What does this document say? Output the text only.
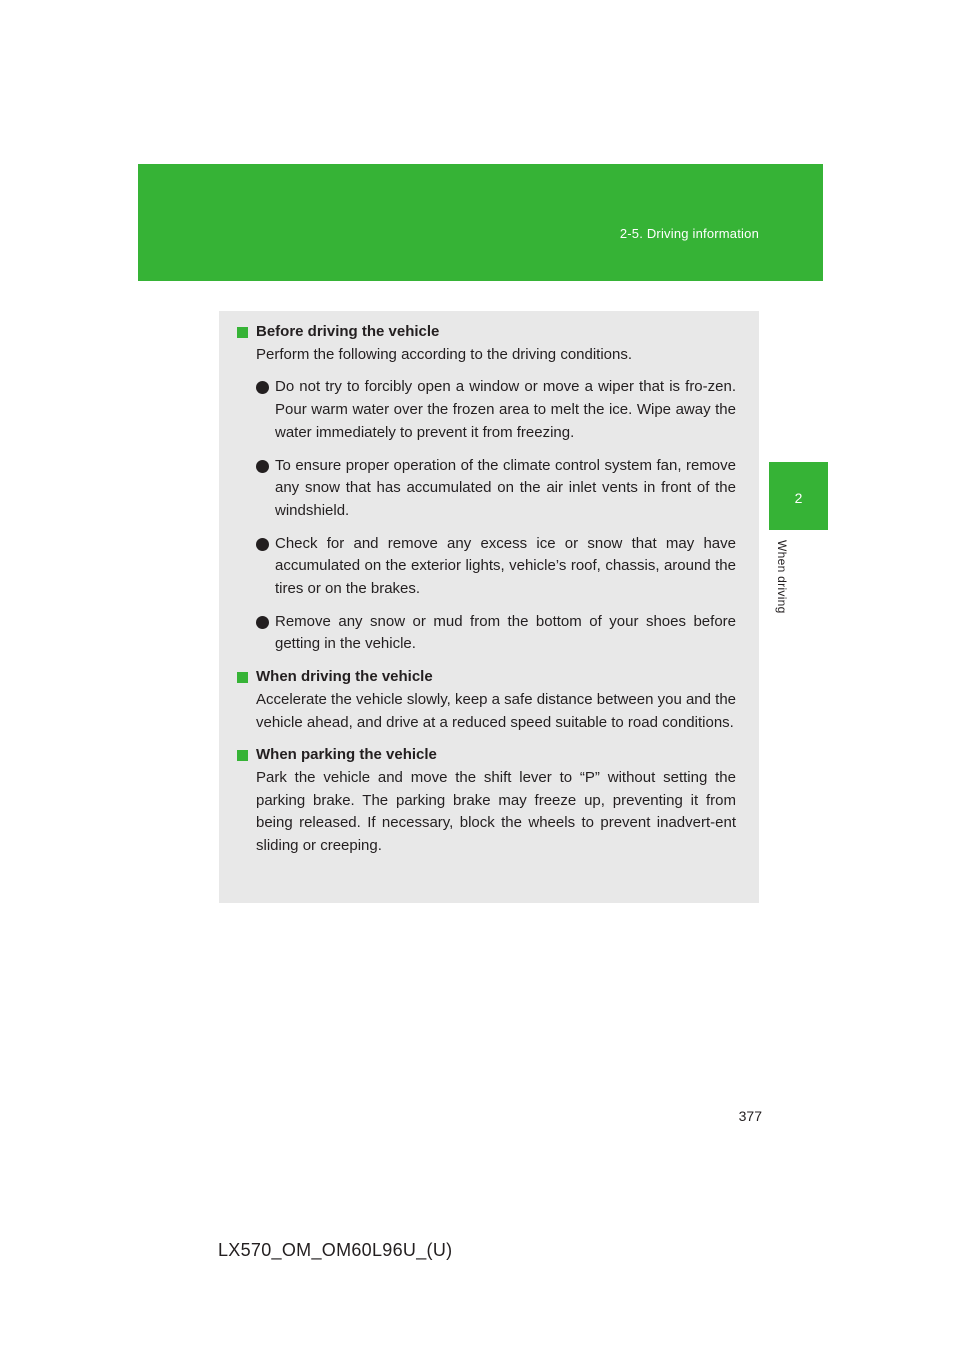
2-5. Driving information
2
When driving
Before driving the vehicle
Perform the following according to the driving conditions.
Do not try to forcibly open a window or move a wiper that is fro-zen. Pour warm water over the frozen area to melt the ice. Wipe away the water immediately to prevent it from freezing.
To ensure proper operation of the climate control system fan, remove any snow that has accumulated on the air inlet vents in front of the windshield.
Check for and remove any excess ice or snow that may have accumulated on the exterior lights, vehicle’s roof, chassis, around the tires or on the brakes.
Remove any snow or mud from the bottom of your shoes before getting in the vehicle.
When driving the vehicle
Accelerate the vehicle slowly, keep a safe distance between you and the vehicle ahead, and drive at a reduced speed suitable to road conditions.
When parking the vehicle
Park the vehicle and move the shift lever to “P” without setting the parking brake. The parking brake may freeze up, preventing it from being released. If necessary, block the wheels to prevent inadvert-ent sliding or creeping.
377
LX570_OM_OM60L96U_(U)
